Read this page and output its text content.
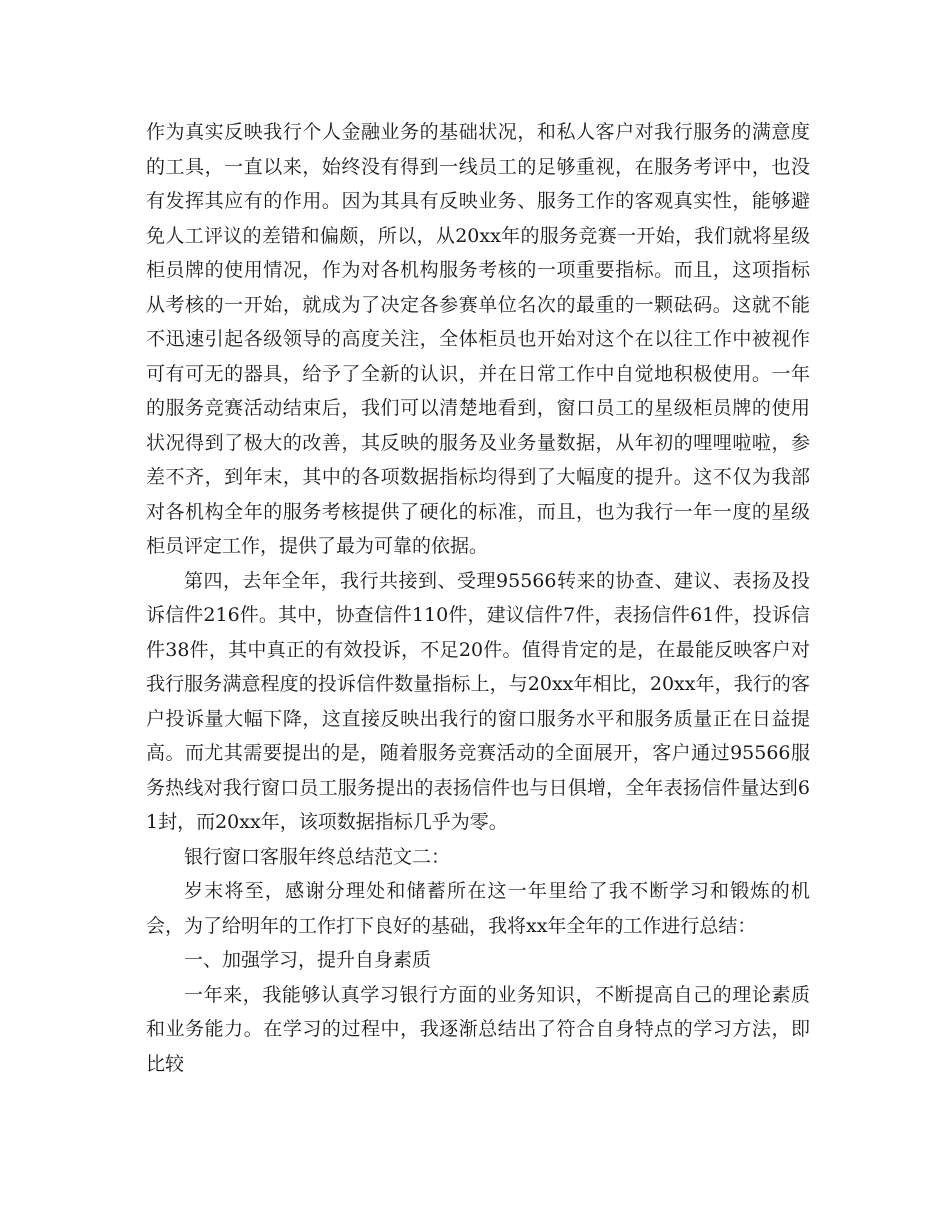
作为真实反映我行个人金融业务的基础状况，和私人客户对我行服务的满意度的工具，一直以来，始终没有得到一线员工的足够重视，在服务考评中，也没有发挥其应有的作用。因为其具有反映业务、服务工作的客观真实性，能够避免人工评议的差错和偏颇，所以，从20xx年的服务竞赛一开始，我们就将星级柜员牌的使用情况，作为对各机构服务考核的一项重要指标。而且，这项指标从考核的一开始，就成为了决定各参赛单位名次的最重的一颗砝码。这就不能不迅速引起各级领导的高度关注，全体柜员也开始对这个在以往工作中被视作可有可无的器具，给予了全新的认识，并在日常工作中自觉地积极使用。一年的服务竞赛活动结束后，我们可以清楚地看到，窗口员工的星级柜员牌的使用状况得到了极大的改善，其反映的服务及业务量数据，从年初的哩哩啦啦，参差不齐，到年末，其中的各项数据指标均得到了大幅度的提升。这不仅为我部对各机构全年的服务考核提供了硬化的标准，而且，也为我行一年一度的星级柜员评定工作，提供了最为可靠的依据。

第四，去年全年，我行共接到、受理95566转来的协查、建议、表扬及投诉信件216件。其中，协查信件110件，建议信件7件，表扬信件61件，投诉信件38件，其中真正的有效投诉，不足20件。值得肯定的是，在最能反映客户对我行服务满意程度的投诉信件数量指标上，与20xx年相比，20xx年，我行的客户投诉量大幅下降，这直接反映出我行的窗口服务水平和服务质量正在日益提高。而尤其需要提出的是，随着服务竞赛活动的全面展开，客户通过95566服务热线对我行窗口员工服务提出的表扬信件也与日俱增，全年表扬信件量达到61封，而20xx年，该项数据指标几乎为零。

银行窗口客服年终总结范文二：

岁末将至，感谢分理处和储蓄所在这一年里给了我不断学习和锻炼的机会，为了给明年的工作打下良好的基础，我将xx年全年的工作进行总结：

一、加强学习，提升自身素质

一年来，我能够认真学习银行方面的业务知识，不断提高自己的理论素质和业务能力。在学习的过程中，我逐渐总结出了符合自身特点的学习方法，即比较
